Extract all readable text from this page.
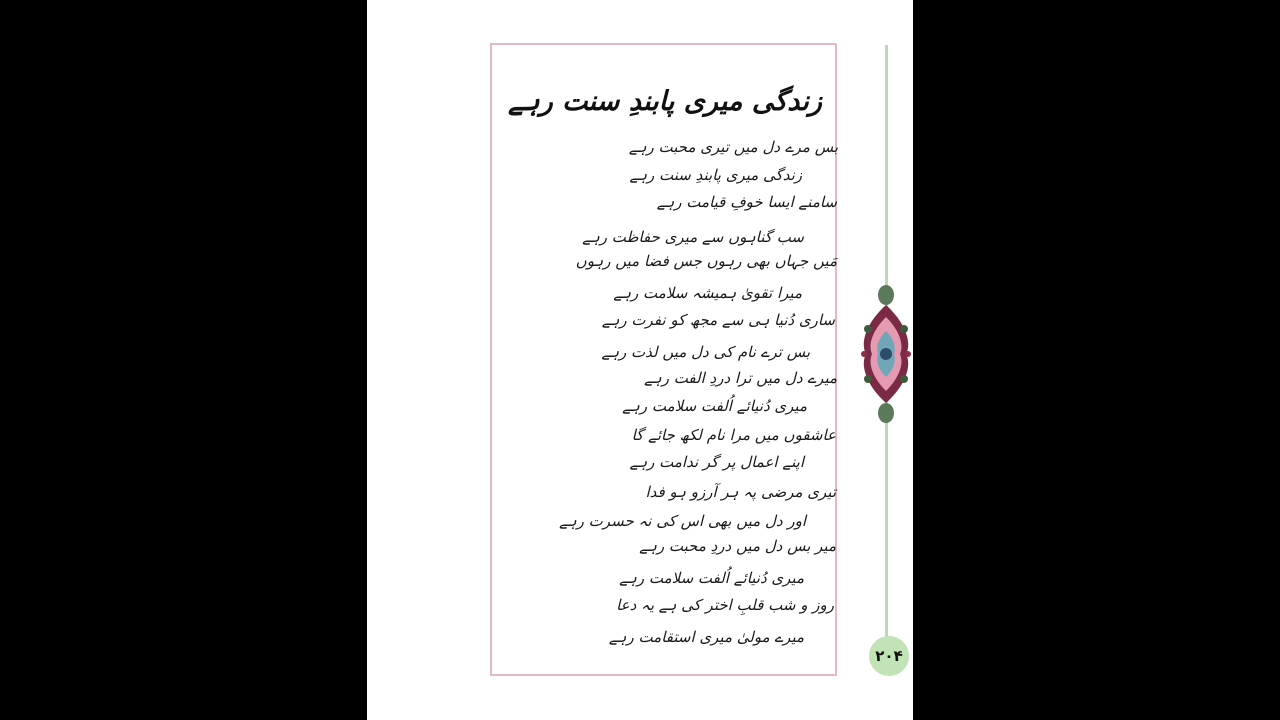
۲۰۴
زندگی میری پابندِ سنت رہے
بس مرے دل میں تیری محبت رہے
زندگی میری پابندِ سنت رہے
سامنے ایسا خوفِ قیامت رہے
سب گناہوں سے میری حفاظت رہے
مَیں جہاں بھی رہوں جس فضا میں رہوں
میرا تقویٰ ہمیشہ سلامت رہے
ساری دُنیا ہی سے مجھ کو نفرت رہے
بس ترے نام کی دل میں لذت رہے
میرے دل میں ترا دردِ الفت رہے
میری دُنیائے اُلفت سلامت رہے
عاشقوں میں مرا نام لکھ جائے گا
اپنے اعمال پر گر ندامت رہے
تیری مرضی پہ ہر آرزو ہو فدا
اور دل میں بھی اس کی نہ حسرت رہے
میر بس دل میں دردِ محبت رہے
میری دُنیائے اُلفت سلامت رہے
روز و شب قلبِ اختر کی ہے یہ دعا
میرے مولیٰ میری استقامت رہے
